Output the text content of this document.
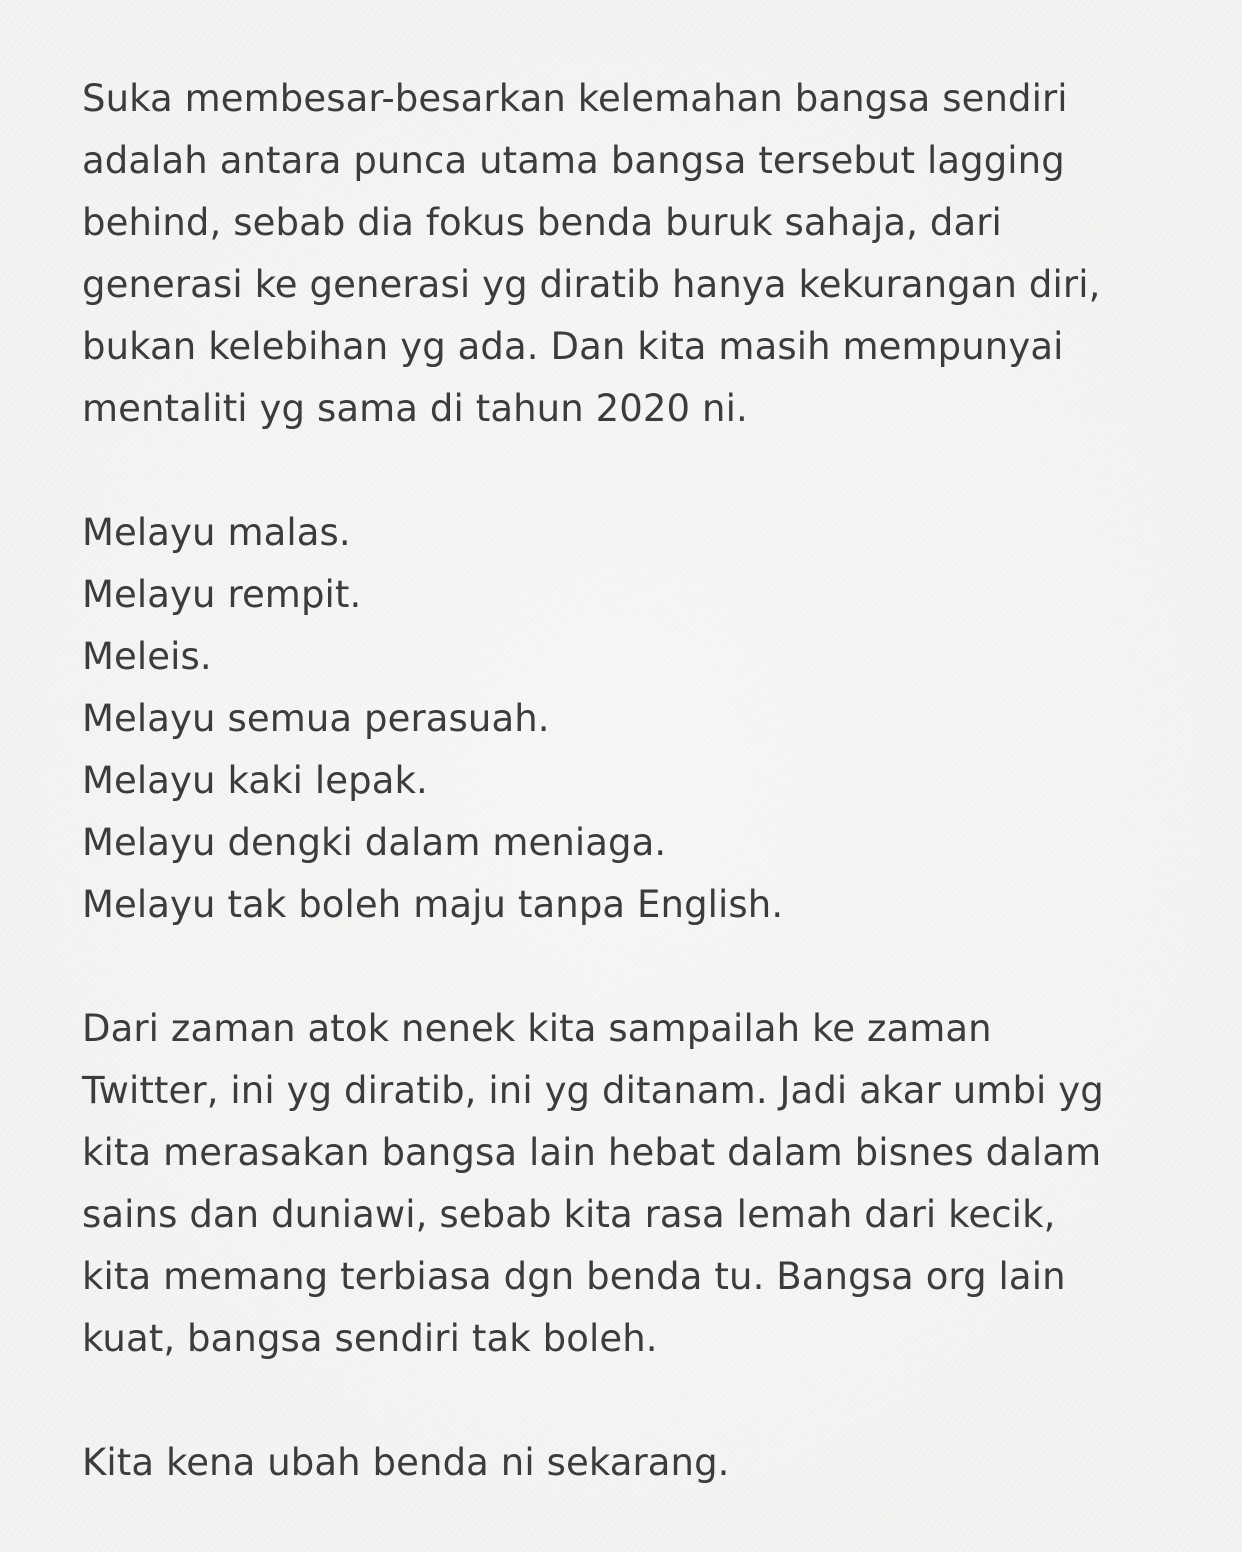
Suka membesar-besarkan kelemahan bangsa sendiri
adalah antara punca utama bangsa tersebut lagging
behind, sebab dia fokus benda buruk sahaja, dari
generasi ke generasi yg diratib hanya kekurangan diri,
bukan kelebihan yg ada. Dan kita masih mempunyai
mentaliti yg sama di tahun 2020 ni.
Melayu malas.
Melayu rempit.
Meleis.
Melayu semua perasuah.
Melayu kaki lepak.
Melayu dengki dalam meniaga.
Melayu tak boleh maju tanpa English.
Dari zaman atok nenek kita sampailah ke zaman
Twitter, ini yg diratib, ini yg ditanam. Jadi akar umbi yg
kita merasakan bangsa lain hebat dalam bisnes dalam
sains dan duniawi, sebab kita rasa lemah dari kecik,
kita memang terbiasa dgn benda tu. Bangsa org lain
kuat, bangsa sendiri tak boleh.
Kita kena ubah benda ni sekarang.
